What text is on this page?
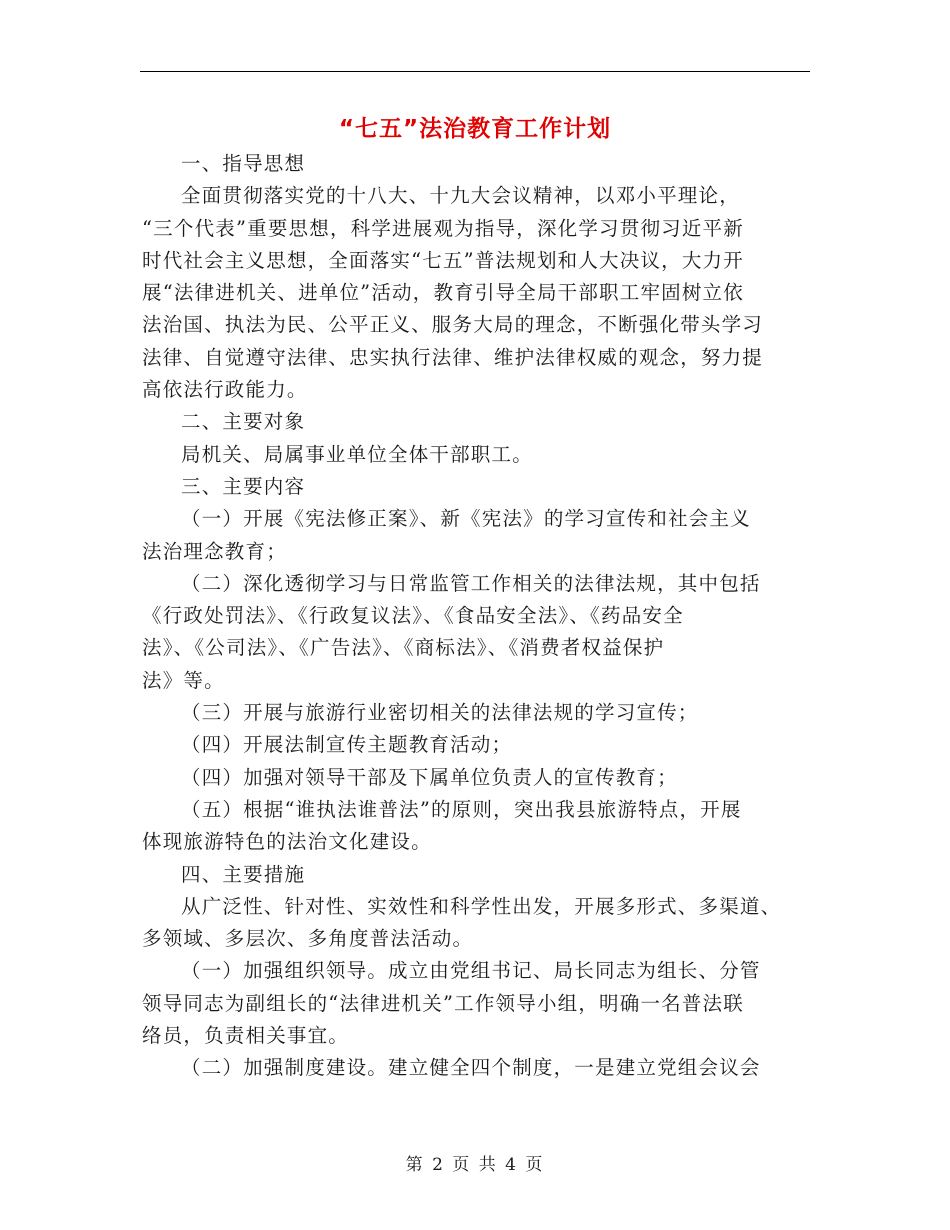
“七五”法治教育工作计划

一、指导思想

全面贯彻落实党的十八大、十九大会议精神，以邓小平理论，
“三个代表”重要思想，科学进展观为指导，深化学习贯彻习近平新
时代社会主义思想，全面落实“七五”普法规划和人大决议，大力开
展“法律进机关、进单位”活动，教育引导全局干部职工牢固树立依
法治国、执法为民、公平正义、服务大局的理念，不断强化带头学习
法律、自觉遵守法律、忠实执行法律、维护法律权威的观念，努力提
高依法行政能力。

二、主要对象

局机关、局属事业单位全体干部职工。

三、主要内容

（一）开展《宪法修正案》、新《宪法》的学习宣传和社会主义
法治理念教育；

（二）深化透彻学习与日常监管工作相关的法律法规，其中包括
《行政处罚法》、《行政复议法》、《食品安全法》、《药品安全
法》、《公司法》、《广告法》、《商标法》、《消费者权益保护
法》等。

（三）开展与旅游行业密切相关的法律法规的学习宣传；

（四）开展法制宣传主题教育活动；

（四）加强对领导干部及下属单位负责人的宣传教育；

（五）根据“谁执法谁普法”的原则，突出我县旅游特点，开展
体现旅游特色的法治文化建设。

四、主要措施

从广泛性、针对性、实效性和科学性出发，开展多形式、多渠道、
多领域、多层次、多角度普法活动。

（一）加强组织领导。成立由党组书记、局长同志为组长、分管
领导同志为副组长的“法律进机关”工作领导小组，明确一名普法联
络员，负责相关事宜。

（二）加强制度建设。建立健全四个制度，一是建立党组会议会

第 2 页 共 4 页
